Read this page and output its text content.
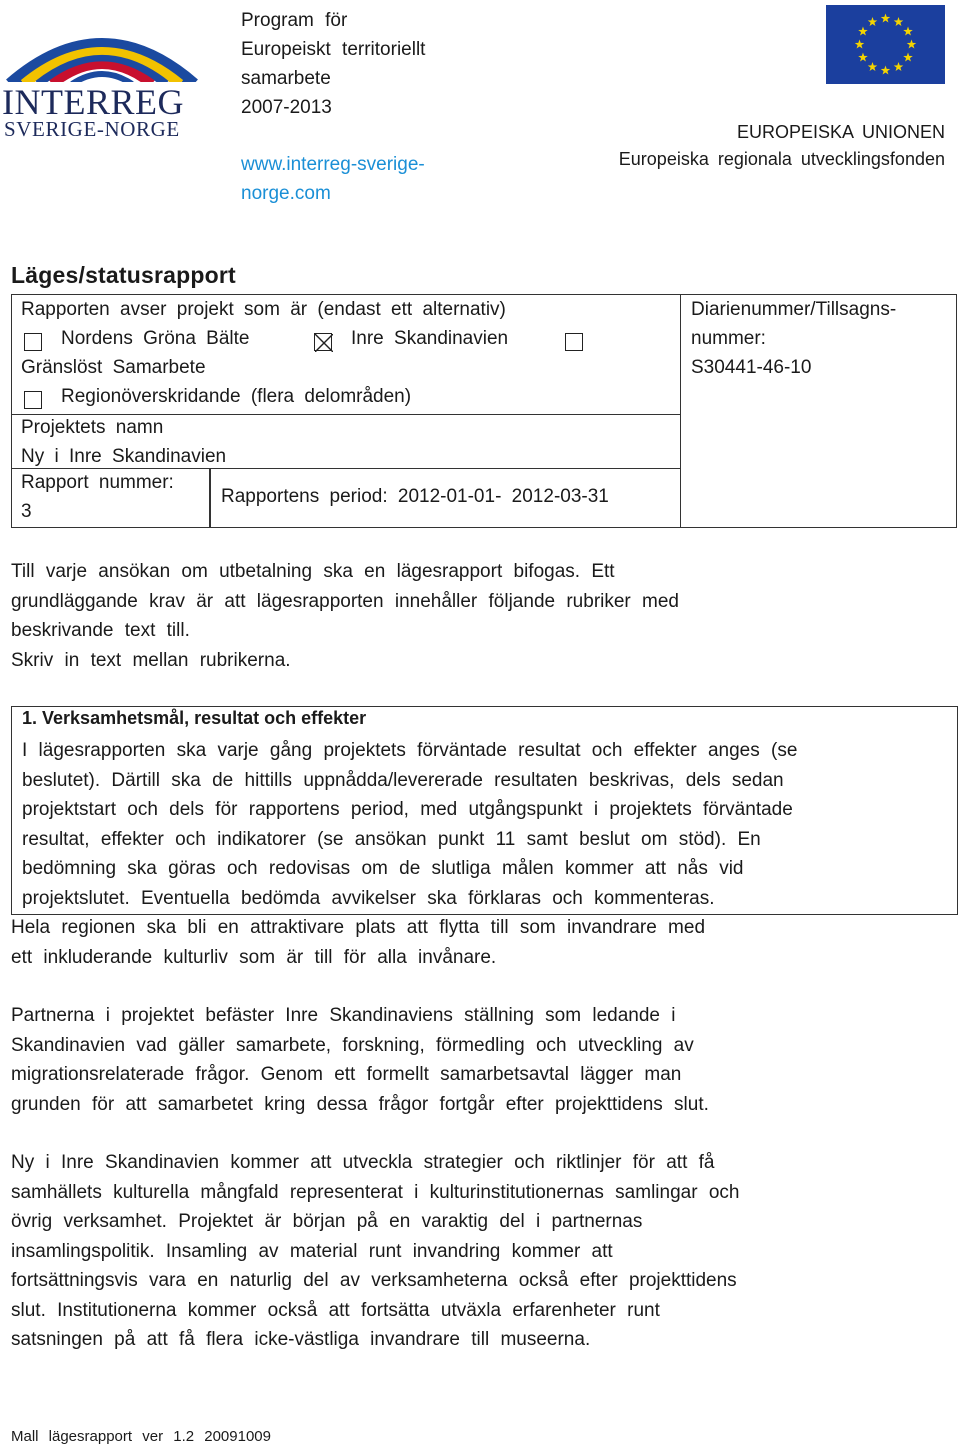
INTERREG
SVERIGE-NORGE
Program för
Europeiskt territoriellt
samarbete
2007-2013
www.interreg-sverige-
norge.com
EUROPEISKA UNIONEN
Europeiska regionala utvecklingsfonden
Läges/statusrapport
Rapporten avser projekt som är (endast ett alternativ)
Nordens Gröna Bälte	Inre Skandinavien
Gränslöst Samarbete
Regionöverskridande (flera delområden)
Projektets namn
Ny i Inre Skandinavien
Rapport nummer:
3
Rapportens period: 2012-01-01- 2012-03-31
Diarienummer/Tillsagns-
nummer:
S30441-46-10
Till varje ansökan om utbetalning ska en lägesrapport bifogas. Ett
grundläggande krav är att lägesrapporten innehåller följande rubriker med
beskrivande text till.
Skriv in text mellan rubrikerna.
1. Verksamhetsmål, resultat och effekter
I lägesrapporten ska varje gång projektets förväntade resultat och effekter anges (se
beslutet). Därtill ska de hittills uppnådda/levererade resultaten beskrivas, dels sedan
projektstart och dels för rapportens period, med utgångspunkt i projektets förväntade
resultat, effekter och indikatorer (se ansökan punkt 11 samt beslut om stöd). En
bedömning ska göras och redovisas om de slutliga målen kommer att nås vid
projektslutet. Eventuella bedömda avvikelser ska förklaras och kommenteras.
Hela regionen ska bli en attraktivare plats att flytta till som invandrare med
ett inkluderande kulturliv som är till för alla invånare.
Partnerna i projektet befäster Inre Skandinaviens ställning som ledande i
Skandinavien vad gäller samarbete, forskning, förmedling och utveckling av
migrationsrelaterade frågor. Genom ett formellt samarbetsavtal lägger man
grunden för att samarbetet kring dessa frågor fortgår efter projekttidens slut.
Ny i Inre Skandinavien kommer att utveckla strategier och riktlinjer för att få
samhällets kulturella mångfald representerat i kulturinstitutionernas samlingar och
övrig verksamhet. Projektet är början på en varaktig del i partnernas
insamlingspolitik. Insamling av material runt invandring kommer att
fortsättningsvis vara en naturlig del av verksamheterna också efter projekttidens
slut. Institutionerna kommer också att fortsätta utväxla erfarenheter runt
satsningen på att få flera icke-västliga invandrare till museerna.
Mall lägesrapport ver 1.2 20091009
